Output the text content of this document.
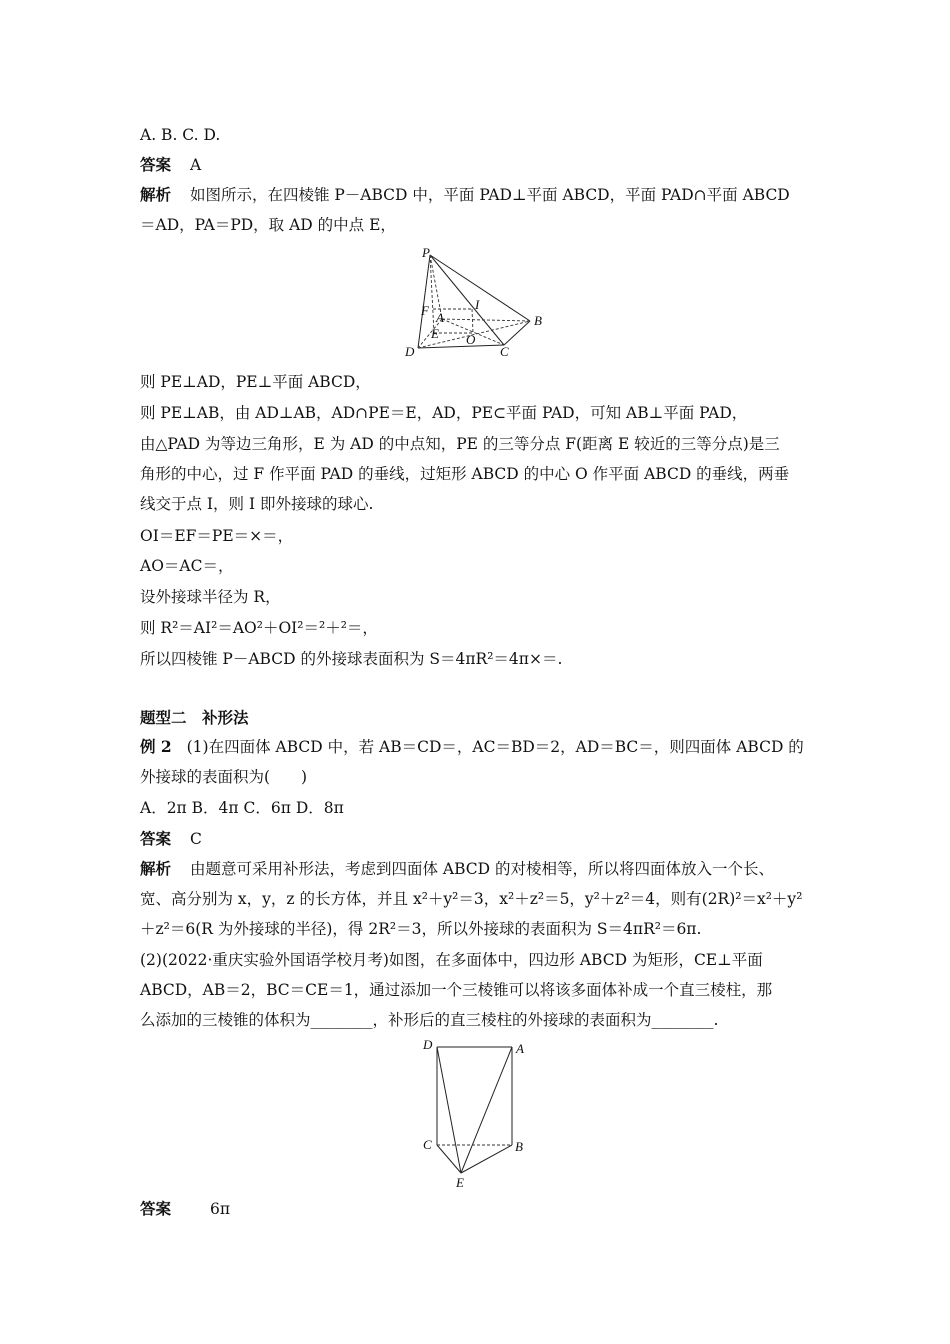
A. B. C. D.
答案 A
解析 如图所示，在四棱锥 P－ABCD 中，平面 PAD⊥平面 ABCD，平面 PAD∩平面 ABCD
＝AD，PA＝PD，取 AD 的中点 E，
P
I
F A
E O
B
D	C
则 PE⊥AD，PE⊥平面 ABCD，
则 PE⊥AB，由 AD⊥AB，AD∩PE＝E，AD，PE⊂平面 PAD，可知 AB⊥平面 PAD，
由△PAD 为等边三角形，E 为 AD 的中点知，PE 的三等分点 F(距离 E 较近的三等分点)是三
角形的中心，过 F 作平面 PAD 的垂线，过矩形 ABCD 的中心 O 作平面 ABCD 的垂线，两垂
线交于点 I，则 I 即外接球的球心.
OI＝EF＝PE＝×＝，
AO＝AC＝，
设外接球半径为 R，
则 R²＝AI²＝AO²＋OI²＝²＋²＝，
所以四棱锥 P－ABCD 的外接球表面积为 S＝4πR²＝4π×＝.
题型二　补形法
例 2 (1)在四面体 ABCD 中，若 AB＝CD＝，AC＝BD＝2，AD＝BC＝，则四面体 ABCD 的
外接球的表面积为(　　)
A．2π B．4π C．6π D．8π
答案 C
解析 由题意可采用补形法，考虑到四面体 ABCD 的对棱相等，所以将四面体放入一个长、
宽、高分别为 x，y，z 的长方体，并且 x²＋y²＝3，x²＋z²＝5，y²＋z²＝4，则有(2R)²＝x²＋y²
＋z²＝6(R 为外接球的半径)，得 2R²＝3，所以外接球的表面积为 S＝4πR²＝6π.
(2)(2022·重庆实验外国语学校月考)如图，在多面体中，四边形 ABCD 为矩形，CE⊥平面
ABCD，AB＝2，BC＝CE＝1，通过添加一个三棱锥可以将该多面体补成一个直三棱柱，那
么添加的三棱锥的体积为________，补形后的直三棱柱的外接球的表面积为________.
D	A
C	B
E
答案	6π
